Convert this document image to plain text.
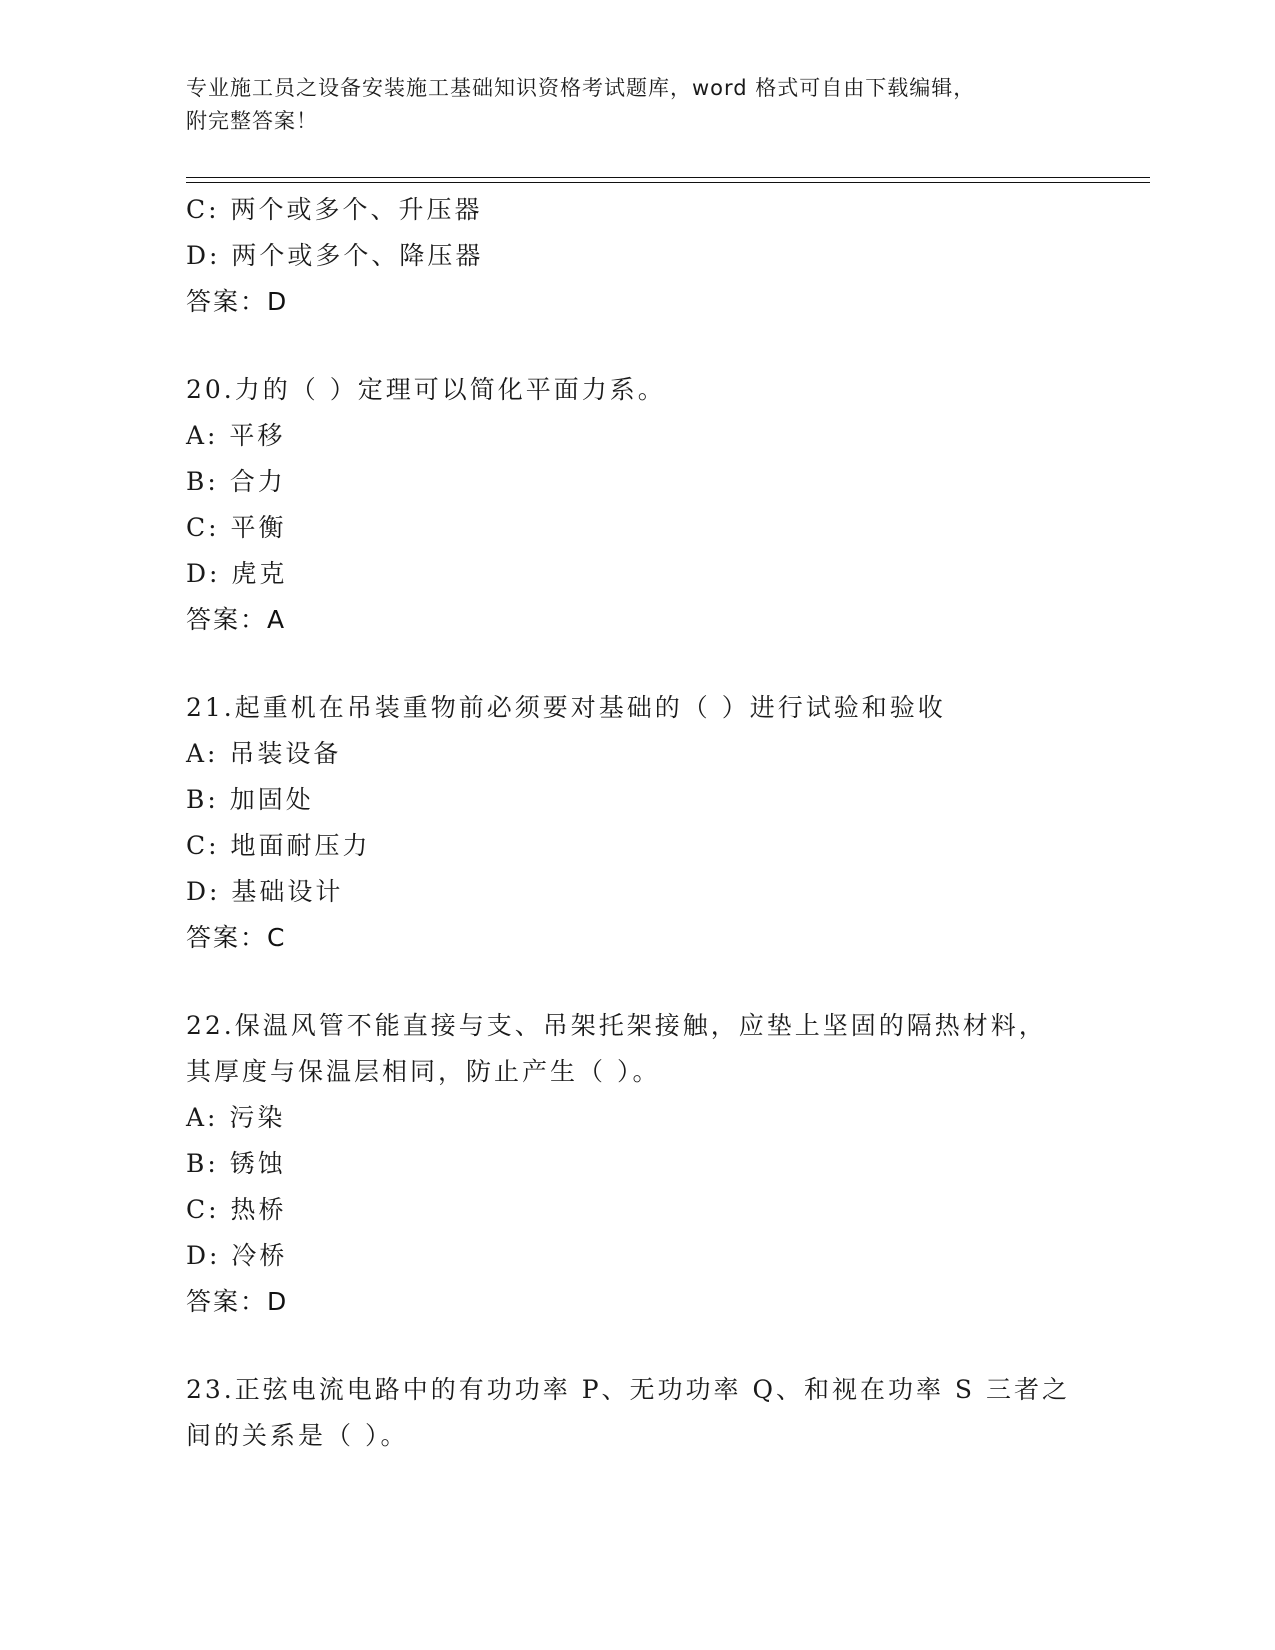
专业施工员之设备安装施工基础知识资格考试题库，word 格式可自由下载编辑，
附完整答案！
C: 两个或多个、升压器
D: 两个或多个、降压器
答案：D
20.力的（ ）定理可以简化平面力系。
A: 平移
B: 合力
C: 平衡
D: 虎克
答案：A
21.起重机在吊装重物前必须要对基础的（ ）进行试验和验收
A: 吊装设备
B: 加固处
C: 地面耐压力
D: 基础设计
答案：C
22.保温风管不能直接与支、吊架托架接触，应垫上坚固的隔热材料，
其厚度与保温层相同，防止产生（ ）。
A: 污染
B: 锈蚀
C: 热桥
D: 冷桥
答案：D
23.正弦电流电路中的有功功率 P、无功功率 Q、和视在功率 S 三者之
间的关系是（ ）。
